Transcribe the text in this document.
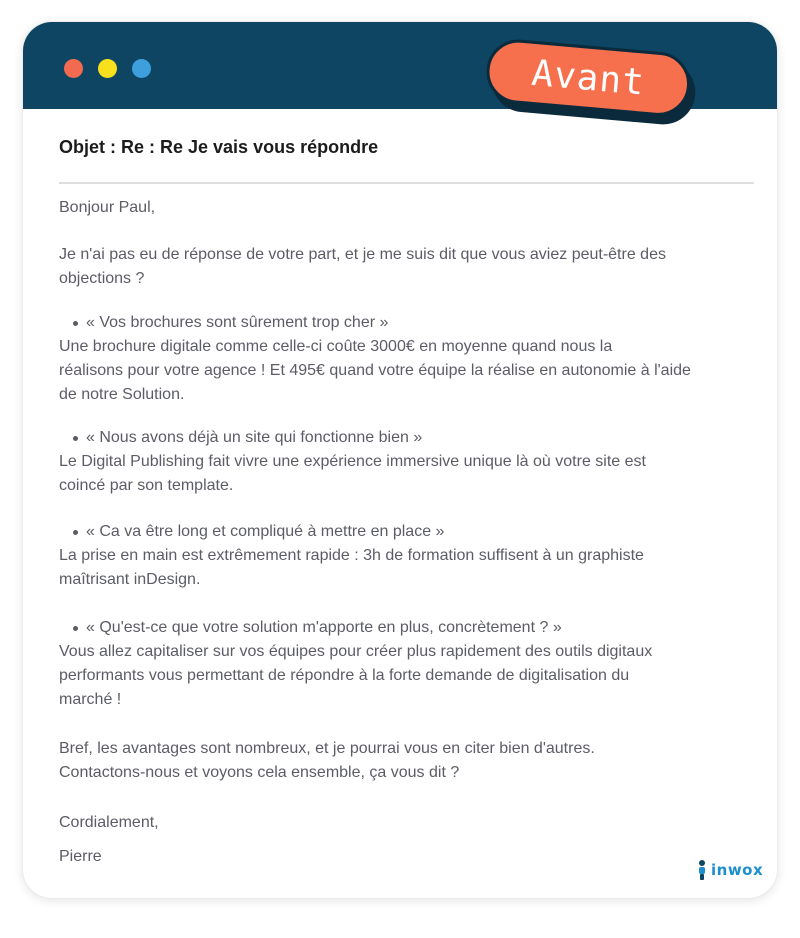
Avant
Objet : Re : Re Je vais vous répondre
Bonjour Paul,
Je n'ai pas eu de réponse de votre part, et je me suis dit que vous aviez peut-être des
objections ?
« Vos brochures sont sûrement trop cher »
Une brochure digitale comme celle-ci coûte 3000€ en moyenne quand nous la
réalisons pour votre agence ! Et 495€ quand votre équipe la réalise en autonomie à l'aide
de notre Solution.
« Nous avons déjà un site qui fonctionne bien »
Le Digital Publishing fait vivre une expérience immersive unique là où votre site est
coincé par son template.
« Ca va être long et compliqué à mettre en place »
La prise en main est extrêmement rapide : 3h de formation suffisent à un graphiste
maîtrisant inDesign.
« Qu'est-ce que votre solution m'apporte en plus, concrètement ? »
Vous allez capitaliser sur vos équipes pour créer plus rapidement des outils digitaux
performants vous permettant de répondre à la forte demande de digitalisation du
marché !
Bref, les avantages sont nombreux, et je pourrai vous en citer bien d'autres.
Contactons-nous et voyons cela ensemble, ça vous dit ?
Cordialement,
Pierre
inwox
